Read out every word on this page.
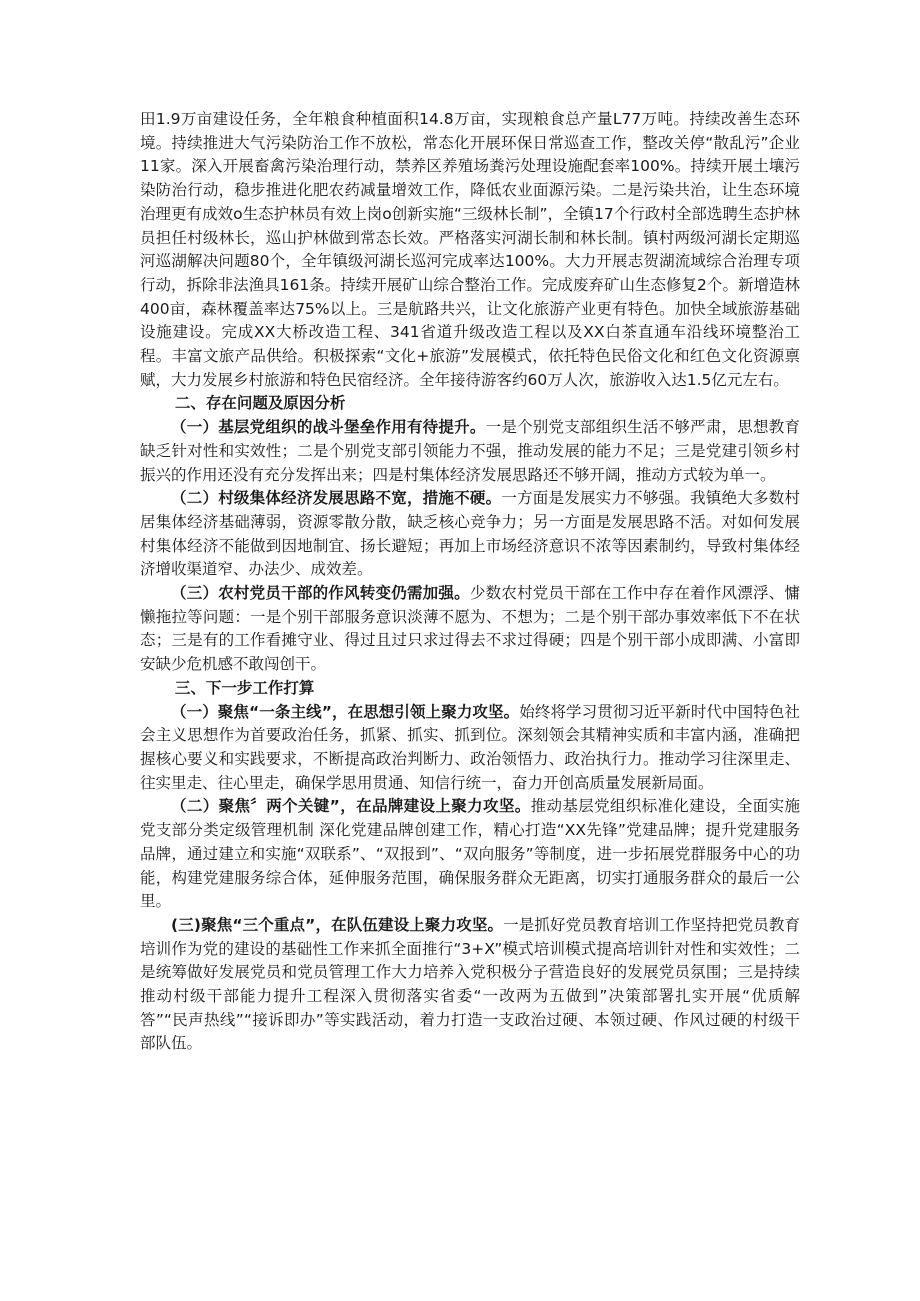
田1.9万亩建设任务，全年粮食种植面积14.8万亩，实现粮食总产量L77万吨。持续改善生态环境。持续推进大气污染防治工作不放松，常态化开展环保日常巡查工作，整改关停“散乱污”企业11家。深入开展畜禽污染治理行动，禁养区养殖场粪污处理设施配套率100%。持续开展土壤污染防治行动，稳步推进化肥农药减量增效工作，降低农业面源污染。二是污染共治，让生态环境治理更有成效o生态护林员有效上岗o创新实施“三级林长制”，全镇17个行政村全部选聘生态护林员担任村级林长，巡山护林做到常态长效。严格落实河湖长制和林长制。镇村两级河湖长定期巡河巡湖解决问题80个，全年镇级河湖长巡河完成率达100%。大力开展志贺湖流域综合治理专项行动，拆除非法渔具161条。持续开展矿山综合整治工作。完成废弃矿山生态修复2个。新增造林400亩，森林覆盖率达75%以上。三是航路共兴，让文化旅游产业更有特色。加快全域旅游基础设施建设。完成XX大桥改造工程、341省道升级改造工程以及XX白茶直通车沿线环境整治工程。丰富文旅产品供给。积极探索“文化+旅游”发展模式，依托特色民俗文化和红色文化资源禀赋，大力发展乡村旅游和特色民宿经济。全年接待游客约60万人次，旅游收入达1.5亿元左右。

二、存在问题及原因分析

（一）基层党组织的战斗堡垒作用有待提升。一是个别党支部组织生活不够严肃，思想教育缺乏针对性和实效性；二是个别党支部引领能力不强，推动发展的能力不足；三是党建引领乡村振兴的作用还没有充分发挥出来；四是村集体经济发展思路还不够开阔，推动方式较为单一。

（二）村级集体经济发展思路不宽，措施不硬。一方面是发展实力不够强。我镇绝大多数村居集体经济基础薄弱，资源零散分散，缺乏核心竞争力；另一方面是发展思路不活。对如何发展村集体经济不能做到因地制宜、扬长避短；再加上市场经济意识不浓等因素制约，导致村集体经济增收渠道窄、办法少、成效差。

（三）农村党员干部的作风转变仍需加强。少数农村党员干部在工作中存在着作风漂浮、慵懒拖拉等问题：一是个别干部服务意识淡薄不愿为、不想为；二是个别干部办事效率低下不在状态；三是有的工作看摊守业、得过且过只求过得去不求过得硬；四是个别干部小成即满、小富即安缺少危机感不敢闯创干。

三、下一步工作打算

（一）聚焦“一条主线”，在思想引领上聚力攻坚。始终将学习贯彻习近平新时代中国特色社会主义思想作为首要政治任务，抓紧、抓实、抓到位。深刻领会其精神实质和丰富内涵，准确把握核心要义和实践要求，不断提高政治判断力、政治领悟力、政治执行力。推动学习往深里走、往实里走、往心里走，确保学思用贯通、知信行统一，奋力开创高质量发展新局面。

（二）聚焦〞两个关键”，在品牌建设上聚力攻坚。推动基层党组织标准化建设，全面实施党支部分类定级管理机制 深化党建品牌创建工作，精心打造“XX先锋”党建品牌；提升党建服务品牌，通过建立和实施“双联系”、“双报到”、“双向服务”等制度，进一步拓展党群服务中心的功能，构建党建服务综合体，延伸服务范围，确保服务群众无距离，切实打通服务群众的最后一公里。

(三)聚焦“三个重点”，在队伍建设上聚力攻坚。一是抓好党员教育培训工作坚持把党员教育培训作为党的建设的基础性工作来抓全面推行“3+X”模式培训模式提高培训针对性和实效性；二是统筹做好发展党员和党员管理工作大力培养入党积极分子营造良好的发展党员氛围；三是持续推动村级干部能力提升工程深入贯彻落实省委“一改两为五做到”决策部署扎实开展“优质解答”“民声热线”“接诉即办”等实践活动，着力打造一支政治过硬、本领过硬、作风过硬的村级干部队伍。
